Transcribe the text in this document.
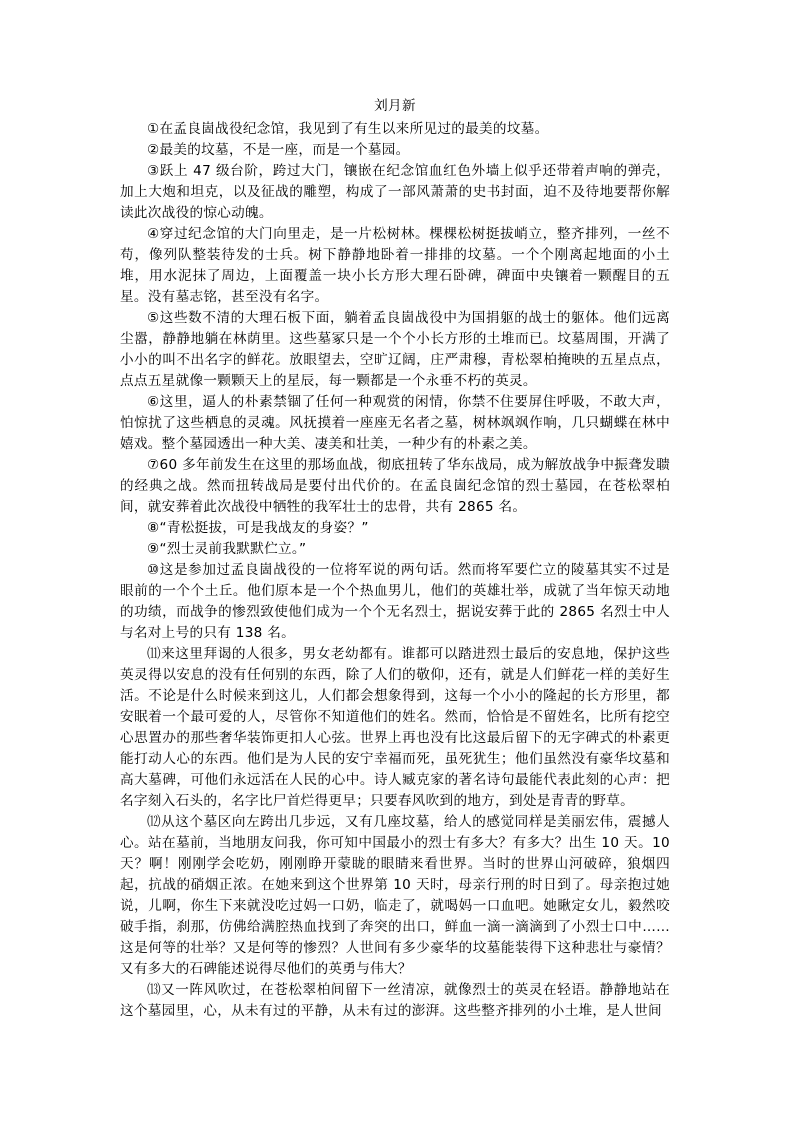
刘月新

①在孟良崮战役纪念馆，我见到了有生以来所见过的最美的坟墓。

②最美的坟墓，不是一座，而是一个墓园。

③跃上 47 级台阶，跨过大门，镶嵌在纪念馆血红色外墙上似乎还带着声响的弹壳，加上大炮和坦克，以及征战的雕塑，构成了一部风萧萧的史书封面，迫不及待地要帮你解读此次战役的惊心动魄。

④穿过纪念馆的大门向里走，是一片松树林。棵棵松树挺拔峭立，整齐排列，一丝不苟，像列队整装待发的士兵。树下静静地卧着一排排的坟墓。一个个刚离起地面的小土堆，用水泥抹了周边，上面覆盖一块小长方形大理石卧碑，碑面中央镶着一颗醒目的五星。没有墓志铭，甚至没有名字。

⑤这些数不清的大理石板下面，躺着孟良崮战役中为国捐躯的战士的躯体。他们远离尘嚣，静静地躺在林荫里。这些墓冢只是一个个小长方形的土堆而已。坟墓周围，开满了小小的叫不出名字的鲜花。放眼望去，空旷辽阔，庄严肃穆，青松翠柏掩映的五星点点，点点五星就像一颗颗天上的星辰，每一颗都是一个永垂不朽的英灵。

⑥这里，逼人的朴素禁锢了任何一种观赏的闲情，你禁不住要屏住呼吸，不敢大声，怕惊扰了这些栖息的灵魂。风抚摸着一座座无名者之墓，树林飒飒作响，几只蝴蝶在林中嬉戏。整个墓园透出一种大美、凄美和壮美，一种少有的朴素之美。

⑦60 多年前发生在这里的那场血战，彻底扭转了华东战局，成为解放战争中振聋发聩的经典之战。然而扭转战局是要付出代价的。在孟良崮纪念馆的烈士墓园，在苍松翠柏间，就安葬着此次战役中牺牲的我军壮士的忠骨，共有 2865 名。

⑧“青松挺拔，可是我战友的身姿？”

⑨“烈士灵前我默默伫立。”

⑩这是参加过孟良崮战役的一位将军说的两句话。然而将军要伫立的陵墓其实不过是眼前的一个个土丘。他们原本是一个个热血男儿，他们的英雄壮举，成就了当年惊天动地的功绩，而战争的惨烈致使他们成为一个个无名烈士，据说安葬于此的 2865 名烈士中人与名对上号的只有 138 名。

⑾来这里拜谒的人很多，男女老幼都有。谁都可以踏进烈士最后的安息地，保护这些英灵得以安息的没有任何别的东西，除了人们的敬仰，还有，就是人们鲜花一样的美好生活。不论是什么时候来到这儿，人们都会想象得到，这每一个小小的隆起的长方形里，都安眠着一个最可爱的人，尽管你不知道他们的姓名。然而，恰恰是不留姓名，比所有挖空心思置办的那些奢华装饰更扣人心弦。世界上再也没有比这最后留下的无字碑式的朴素更能打动人心的东西。他们是为人民的安宁幸福而死，虽死犹生；他们虽然没有豪华坟墓和高大墓碑，可他们永远活在人民的心中。诗人臧克家的著名诗句最能代表此刻的心声：把名字刻入石头的，名字比尸首烂得更早；只要春风吹到的地方，到处是青青的野草。

⑿从这个墓区向左跨出几步远，又有几座坟墓，给人的感觉同样是美丽宏伟，震撼人心。站在墓前，当地朋友问我，你可知中国最小的烈士有多大？有多大？出生 10 天。10 天？啊！刚刚学会吃奶，刚刚睁开蒙眬的眼睛来看世界。当时的世界山河破碎，狼烟四起，抗战的硝烟正浓。在她来到这个世界第 10 天时，母亲行刑的时日到了。母亲抱过她说，儿啊，你生下来就没吃过妈一口奶，临走了，就喝妈一口血吧。她瞅定女儿，毅然咬破手指，刹那，仿佛给满腔热血找到了奔突的出口，鲜血一滴一滴滴到了小烈士口中……这是何等的壮举？又是何等的惨烈？人世间有多少豪华的坟墓能装得下这种悲壮与豪情？又有多大的石碑能述说得尽他们的英勇与伟大？

⒀又一阵风吹过，在苍松翠柏间留下一丝清凉，就像烈士的英灵在轻语。静静地站在这个墓园里，心，从未有过的平静，从未有过的澎湃。这些整齐排列的小土堆，是人世间
